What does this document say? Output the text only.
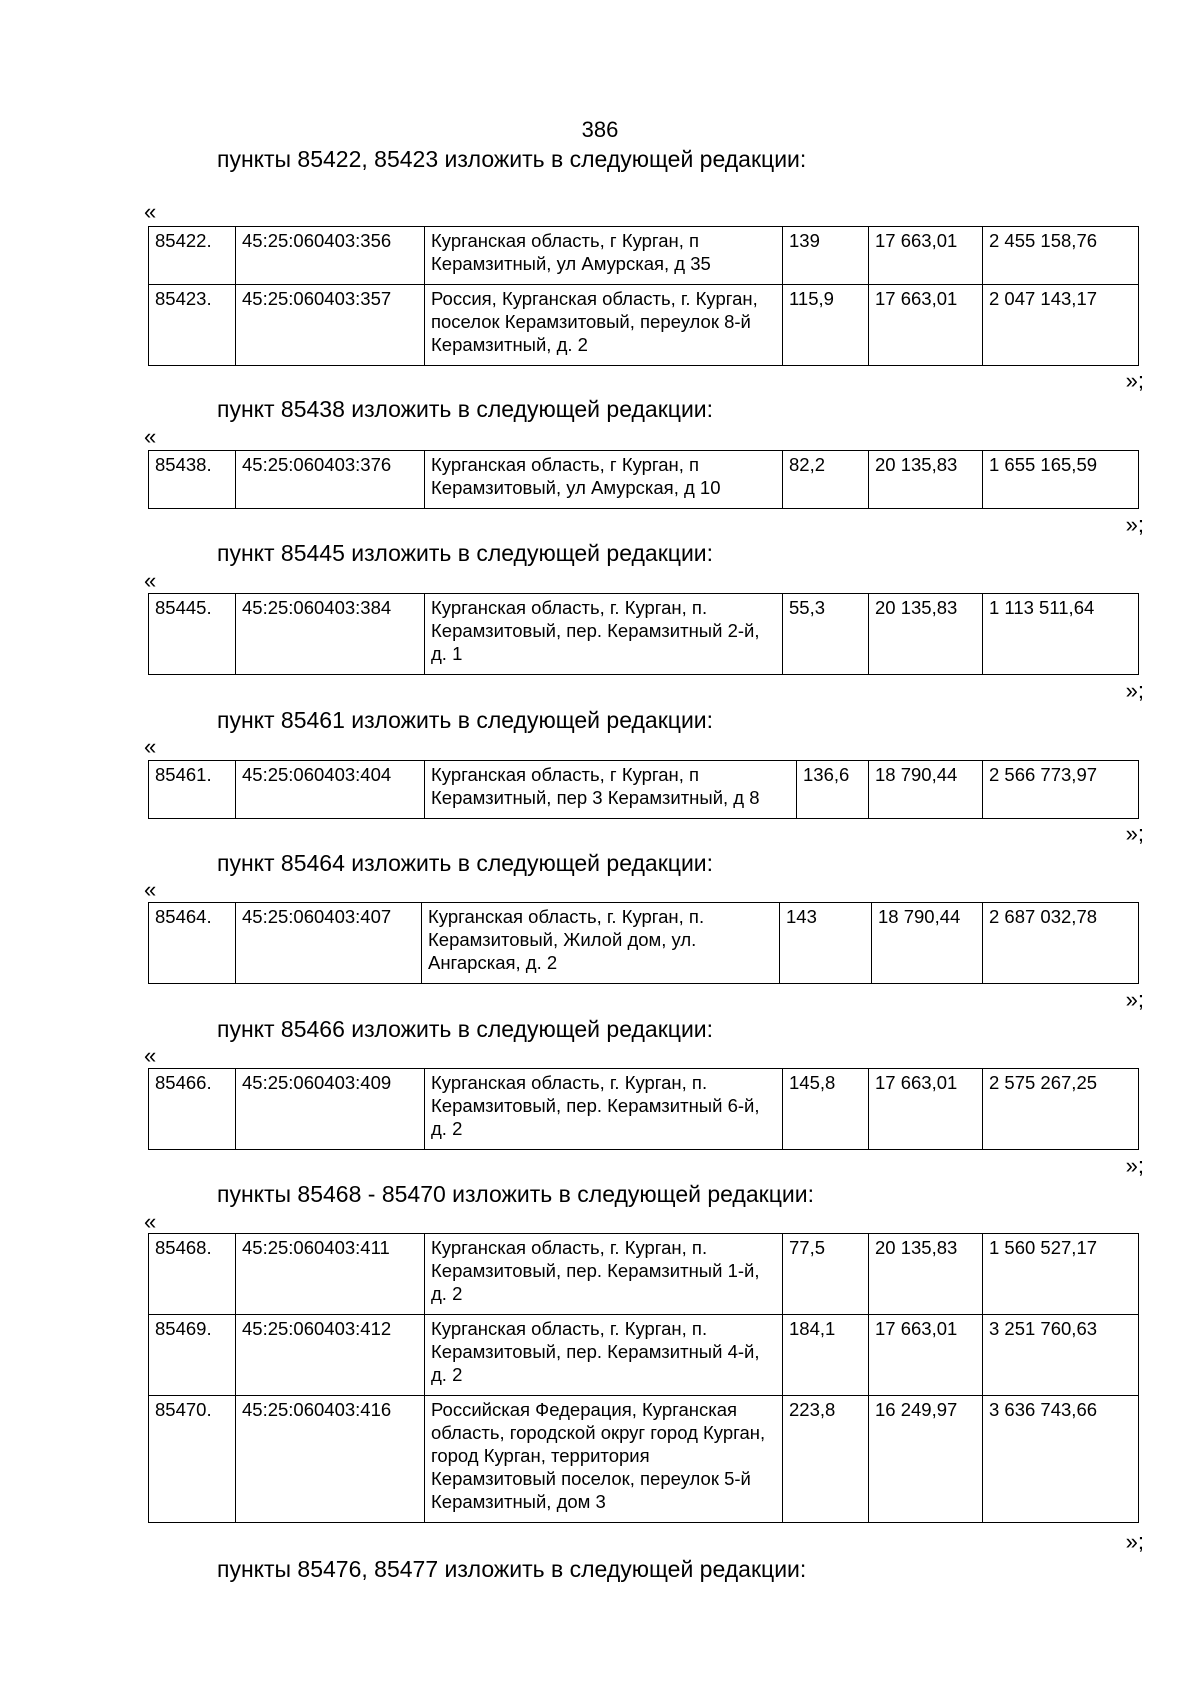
386
пункты 85422, 85423 изложить в следующей редакции:
«
85422.	45:25:060403:356	Курганская область, г Курган, п Керамзитный, ул Амурская, д 35	139	17 663,01	2 455 158,76
85423.	45:25:060403:357	Россия, Курганская область, г. Курган, поселок Керамзитовый, переулок 8-й Керамзитный, д. 2	115,9	17 663,01	2 047 143,17
»;
пункт 85438 изложить в следующей редакции:
«
85438.	45:25:060403:376	Курганская область, г Курган, п Керамзитовый, ул Амурская, д 10	82,2	20 135,83	1 655 165,59
»;
пункт 85445 изложить в следующей редакции:
«
85445.	45:25:060403:384	Курганская область, г. Курган, п. Керамзитовый, пер. Керамзитный 2-й, д. 1	55,3	20 135,83	1 113 511,64
»;
пункт 85461 изложить в следующей редакции:
«
85461.	45:25:060403:404	Курганская область, г Курган, п Керамзитный, пер 3 Керамзитный, д 8	136,6	18 790,44	2 566 773,97
»;
пункт 85464 изложить в следующей редакции:
«
85464.	45:25:060403:407	Курганская область, г. Курган, п. Керамзитовый, Жилой дом, ул. Ангарская, д. 2	143	18 790,44	2 687 032,78
»;
пункт 85466 изложить в следующей редакции:
«
85466.	45:25:060403:409	Курганская область, г. Курган, п. Керамзитовый, пер. Керамзитный 6-й, д. 2	145,8	17 663,01	2 575 267,25
»;
пункты 85468 - 85470 изложить в следующей редакции:
«
85468.	45:25:060403:411	Курганская область, г. Курган, п. Керамзитовый, пер. Керамзитный 1-й, д. 2	77,5	20 135,83	1 560 527,17
85469.	45:25:060403:412	Курганская область, г. Курган, п. Керамзитовый, пер. Керамзитный 4-й, д. 2	184,1	17 663,01	3 251 760,63
85470.	45:25:060403:416	Российская Федерация, Курганская область, городской округ город Курган, город Курган, территория Керамзитовый поселок, переулок 5-й Керамзитный, дом 3	223,8	16 249,97	3 636 743,66
»;
пункты 85476, 85477 изложить в следующей редакции:
